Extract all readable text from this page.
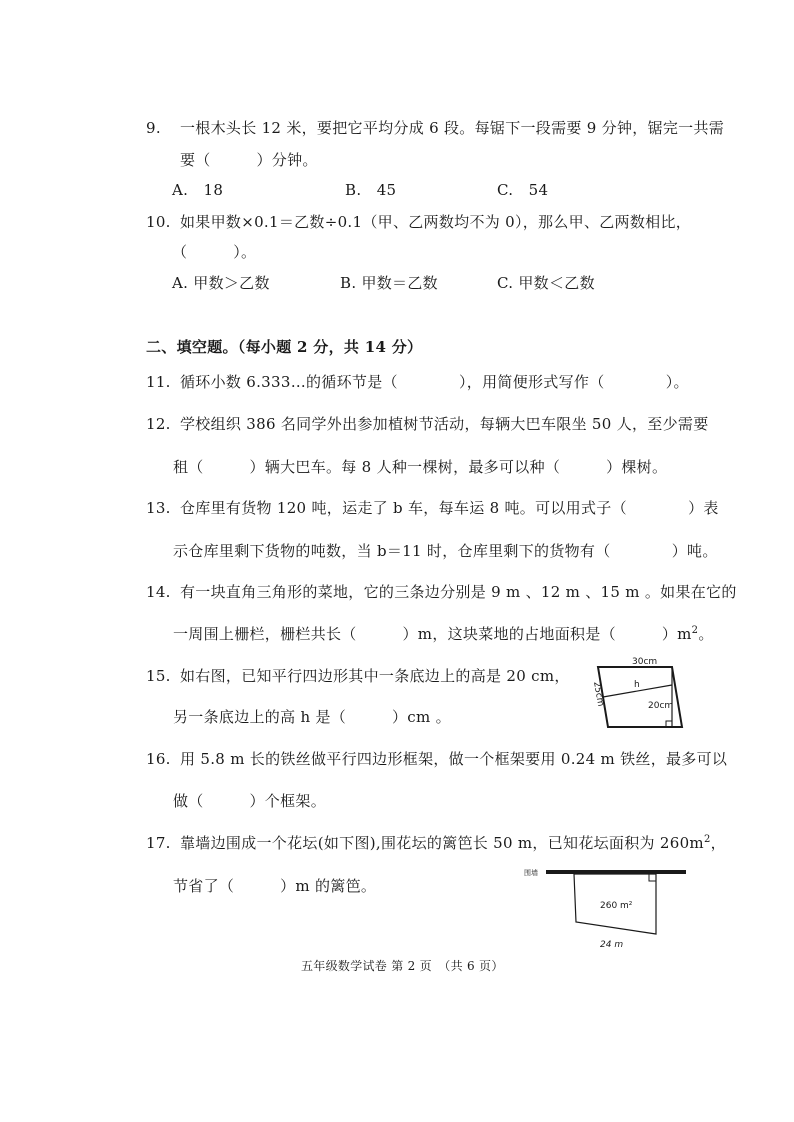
9. 一根木头长 12 米，要把它平均分成 6 段。每锯下一段需要 9 分钟，锯完一共需
要（　　　）分钟。
A.　18	B.　45	C.　54
10. 如果甲数×0.1＝乙数÷0.1（甲、乙两数均不为 0），那么甲、乙两数相比，
（　　　）。
A. 甲数＞乙数	B. 甲数＝乙数	C. 甲数＜乙数
二、填空题。（每小题 2 分，共 14 分）
11. 循环小数 6.333…的循环节是（　　　　），用简便形式写作（　　　　）。
12. 学校组织 386 名同学外出参加植树节活动，每辆大巴车限坐 50 人，至少需要
租（　　　）辆大巴车。每 8 人种一棵树，最多可以种（　　　）棵树。
13. 仓库里有货物 120 吨，运走了 b 车，每车运 8 吨。可以用式子（　　　　）表
示仓库里剩下货物的吨数，当 b＝11 时，仓库里剩下的货物有（　　　　）吨。
14. 有一块直角三角形的菜地，它的三条边分别是 9 m 、12 m 、15 m 。如果在它的
一周围上栅栏，栅栏共长（　　　）m，这块菜地的占地面积是（　　　）$m^2$。
15. 如右图，已知平行四边形其中一条底边上的高是 20 cm，
另一条底边上的高 h 是（　　　）cm 。
30cm
25cm	h
20cm
16. 用 5.8 m 长的铁丝做平行四边形框架，做一个框架要用 0.24 m 铁丝，最多可以
做（　　　）个框架。
17. 靠墙边围成一个花坛(如下图),围花坛的篱笆长 50 m，已知花坛面积为 $260m^2$，
节省了（　　　）m 的篱笆。
围墙
260 m²
24 m
五年级数学试卷 第 2 页　（共 6 页）
